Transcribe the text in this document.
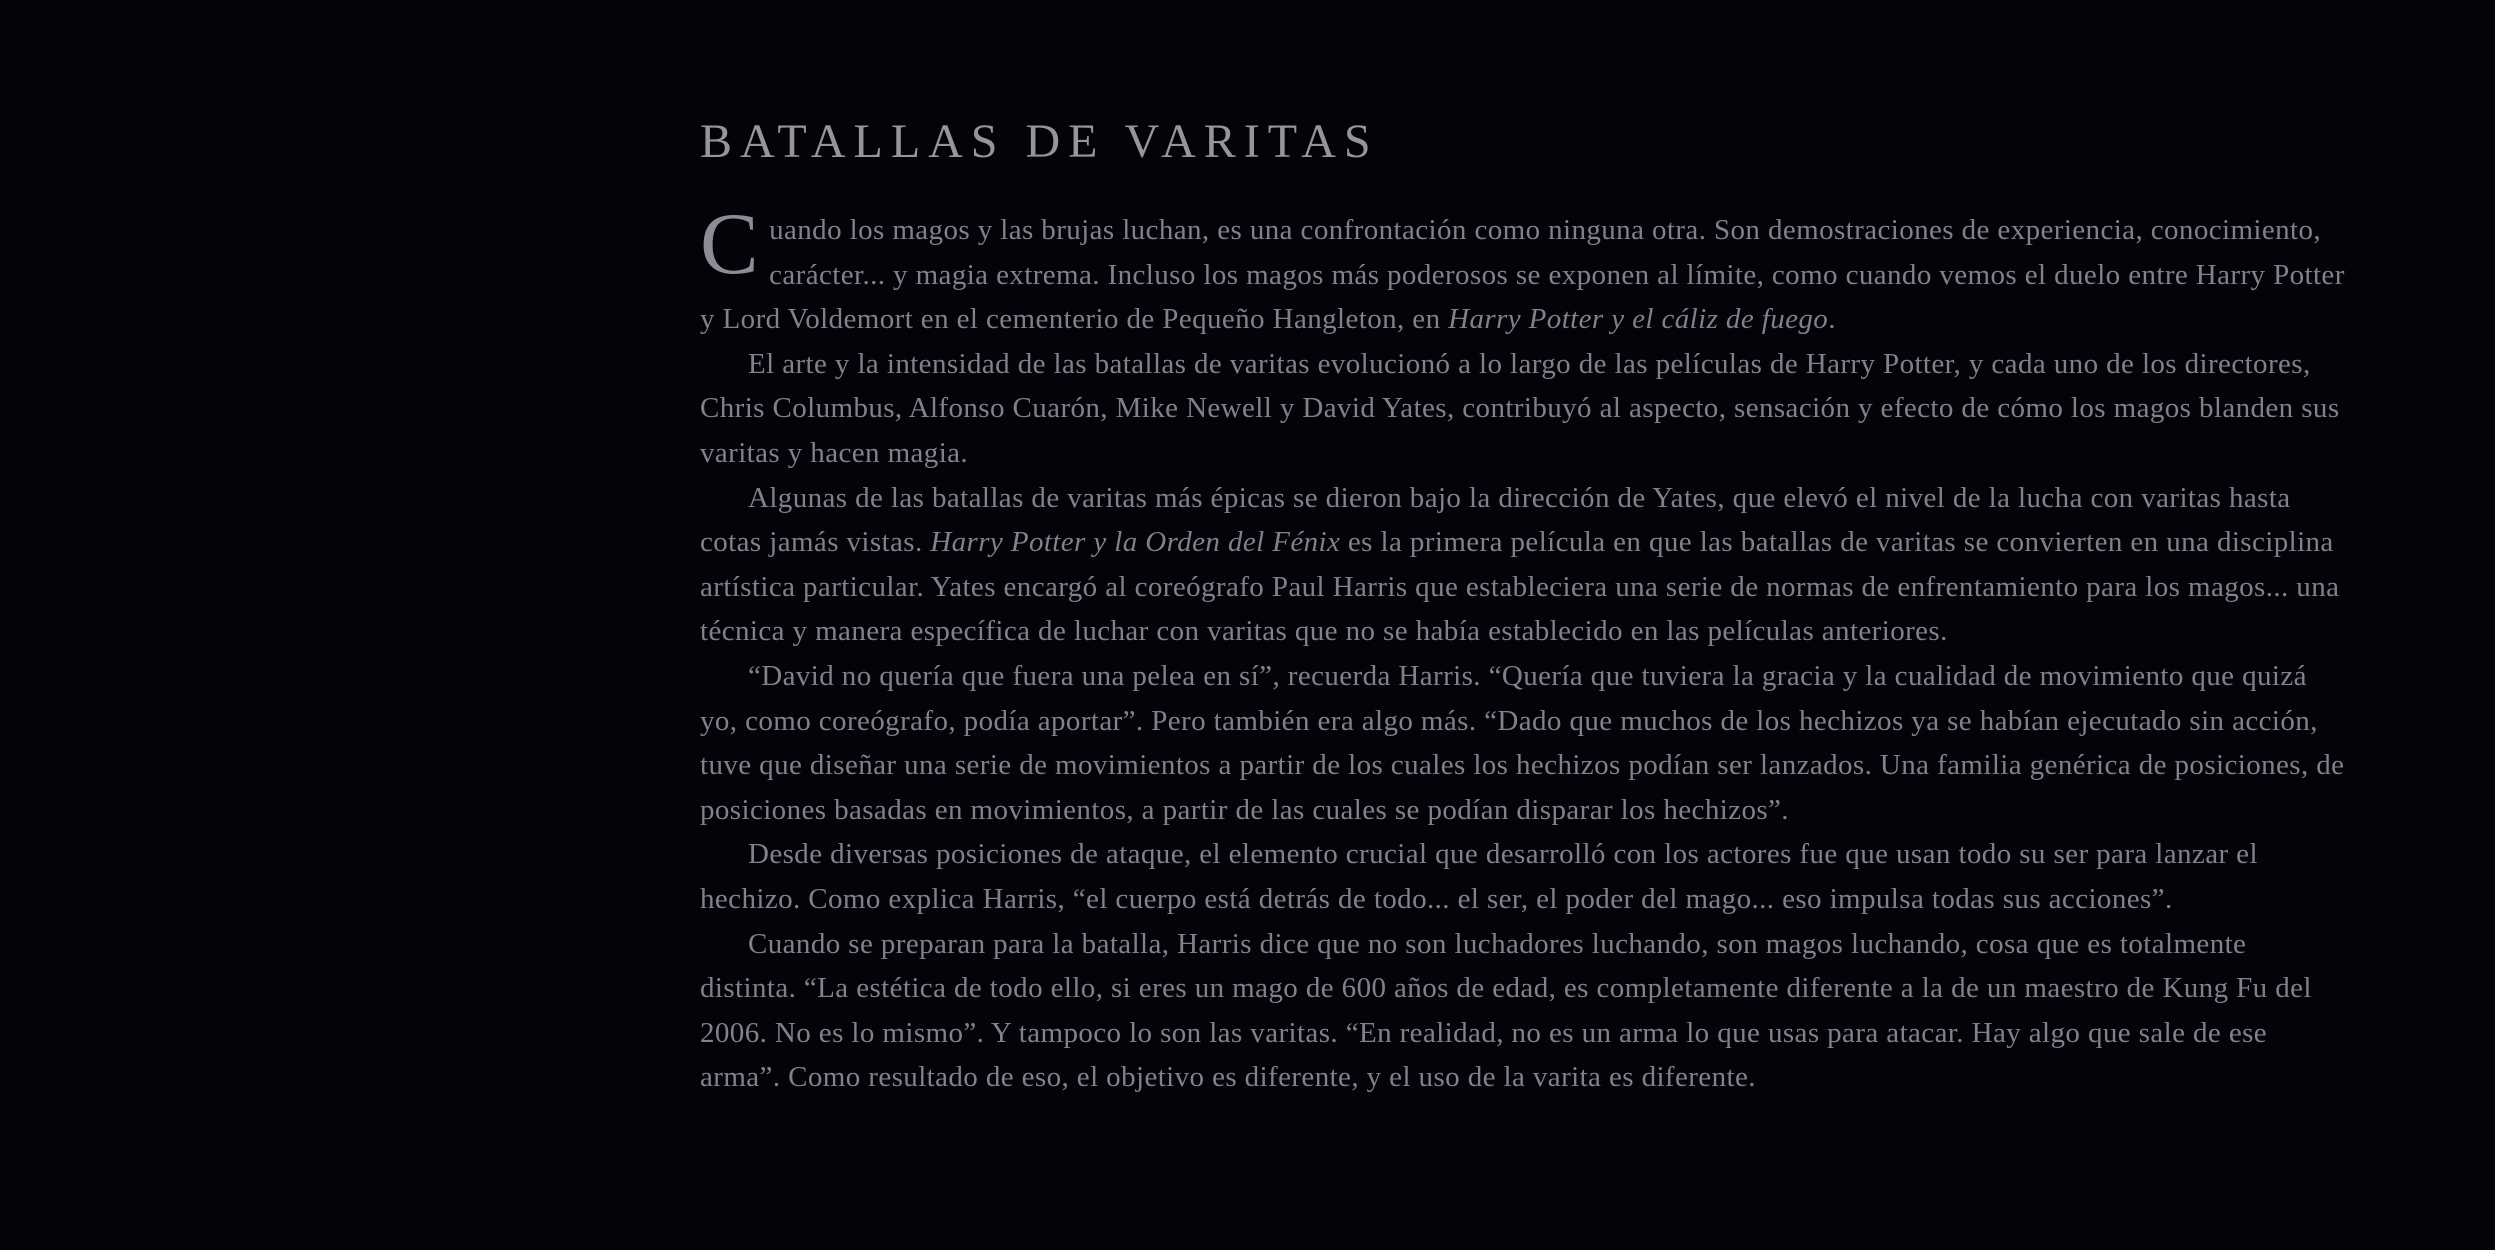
BATALLAS DE VARITAS

Cuando los magos y las brujas luchan, es una confrontación como ninguna otra. Son demostraciones de experiencia, conocimiento, carácter... y magia extrema. Incluso los magos más poderosos se exponen al límite, como cuando vemos el duelo entre Harry Potter y Lord Voldemort en el cementerio de Pequeño Hangleton, en Harry Potter y el cáliz de fuego.

El arte y la intensidad de las batallas de varitas evolucionó a lo largo de las películas de Harry Potter, y cada uno de los directores, Chris Columbus, Alfonso Cuarón, Mike Newell y David Yates, contribuyó al aspecto, sensación y efecto de cómo los magos blanden sus varitas y hacen magia.

Algunas de las batallas de varitas más épicas se dieron bajo la dirección de Yates, que elevó el nivel de la lucha con varitas hasta cotas jamás vistas. Harry Potter y la Orden del Fénix es la primera película en que las batallas de varitas se convierten en una disciplina artística particular. Yates encargó al coreógrafo Paul Harris que estableciera una serie de normas de enfrentamiento para los magos... una técnica y manera específica de luchar con varitas que no se había establecido en las películas anteriores.

“David no quería que fuera una pelea en sí”, recuerda Harris. “Quería que tuviera la gracia y la cualidad de movimiento que quizá yo, como coreógrafo, podía aportar”. Pero también era algo más. “Dado que muchos de los hechizos ya se habían ejecutado sin acción, tuve que diseñar una serie de movimientos a partir de los cuales los hechizos podían ser lanzados. Una familia genérica de posiciones, de posiciones basadas en movimientos, a partir de las cuales se podían disparar los hechizos”.

Desde diversas posiciones de ataque, el elemento crucial que desarrolló con los actores fue que usan todo su ser para lanzar el hechizo. Como explica Harris, “el cuerpo está detrás de todo... el ser, el poder del mago... eso impulsa todas sus acciones”.

Cuando se preparan para la batalla, Harris dice que no son luchadores luchando, son magos luchando, cosa que es totalmente distinta. “La estética de todo ello, si eres un mago de 600 años de edad, es completamente diferente a la de un maestro de Kung Fu del 2006. No es lo mismo”. Y tampoco lo son las varitas. “En realidad, no es un arma lo que usas para atacar. Hay algo que sale de ese arma”. Como resultado de eso, el objetivo es diferente, y el uso de la varita es diferente.
